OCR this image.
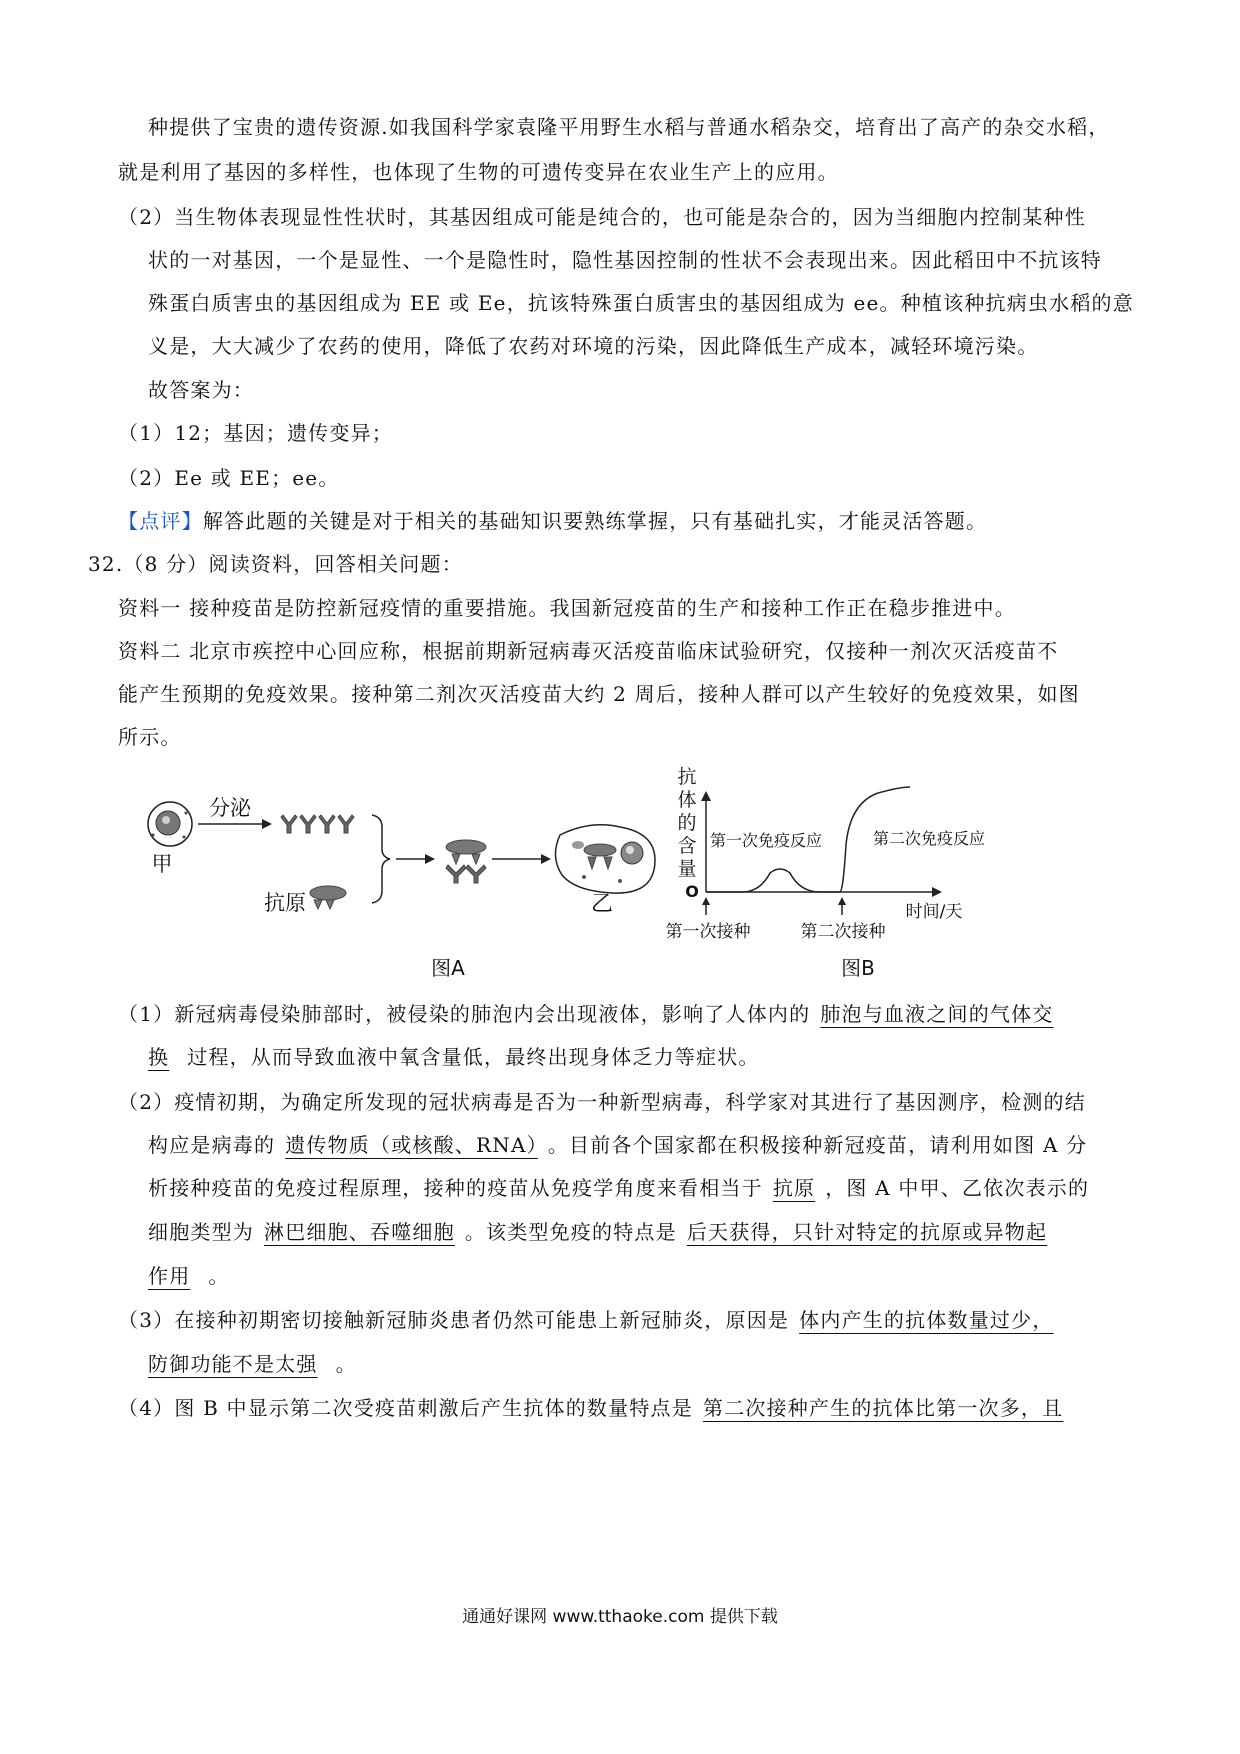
种提供了宝贵的遗传资源.如我国科学家袁隆平用野生水稻与普通水稻杂交，培育出了高产的杂交水稻，
就是利用了基因的多样性，也体现了生物的可遗传变异在农业生产上的应用。
（2）当生物体表现显性性状时，其基因组成可能是纯合的，也可能是杂合的，因为当细胞内控制某种性
状的一对基因，一个是显性、一个是隐性时，隐性基因控制的性状不会表现出来。因此稻田中不抗该特
殊蛋白质害虫的基因组成为 EE 或 Ee，抗该特殊蛋白质害虫的基因组成为 ee。种植该种抗病虫水稻的意
义是，大大减少了农药的使用，降低了农药对环境的污染，因此降低生产成本，减轻环境污染。
故答案为：
（1）12；基因；遗传变异；
（2）Ee 或 EE；ee。
【点评】解答此题的关键是对于相关的基础知识要熟练掌握，只有基础扎实，才能灵活答题。
32.（8 分）阅读资料，回答相关问题：
资料一 接种疫苗是防控新冠疫情的重要措施。我国新冠疫苗的生产和接种工作正在稳步推进中。
资料二 北京市疾控中心回应称，根据前期新冠病毒灭活疫苗临床试验研究，仅接种一剂次灭活疫苗不
能产生预期的免疫效果。接种第二剂次灭活疫苗大约 2 周后，接种人群可以产生较好的免疫效果，如图
所示。
甲
分泌
抗原	乙
图A
抗
体
的
含
量
O
第一次免疫反应	第二次免疫反应
第一次接种	第二次接种
时间/天
图B
（1）新冠病毒侵染肺部时，被侵染的肺泡内会出现液体，影响了人体内的 肺泡与血液之间的气体交
换 过程，从而导致血液中氧含量低，最终出现身体乏力等症状。
（2）疫情初期，为确定所发现的冠状病毒是否为一种新型病毒，科学家对其进行了基因测序，检测的结
构应是病毒的 遗传物质（或核酸、RNA） 。目前各个国家都在积极接种新冠疫苗，请利用如图 A 分
析接种疫苗的免疫过程原理，接种的疫苗从免疫学角度来看相当于 抗原 ，图 A 中甲、乙依次表示的
细胞类型为 淋巴细胞、吞噬细胞 。该类型免疫的特点是 后天获得，只针对特定的抗原或异物起
作用 。
（3）在接种初期密切接触新冠肺炎患者仍然可能患上新冠肺炎，原因是 体内产生的抗体数量过少，
防御功能不是太强 。
（4）图 B 中显示第二次受疫苗刺激后产生抗体的数量特点是 第二次接种产生的抗体比第一次多，且
通通好课网 www.tthaoke.com 提供下载
